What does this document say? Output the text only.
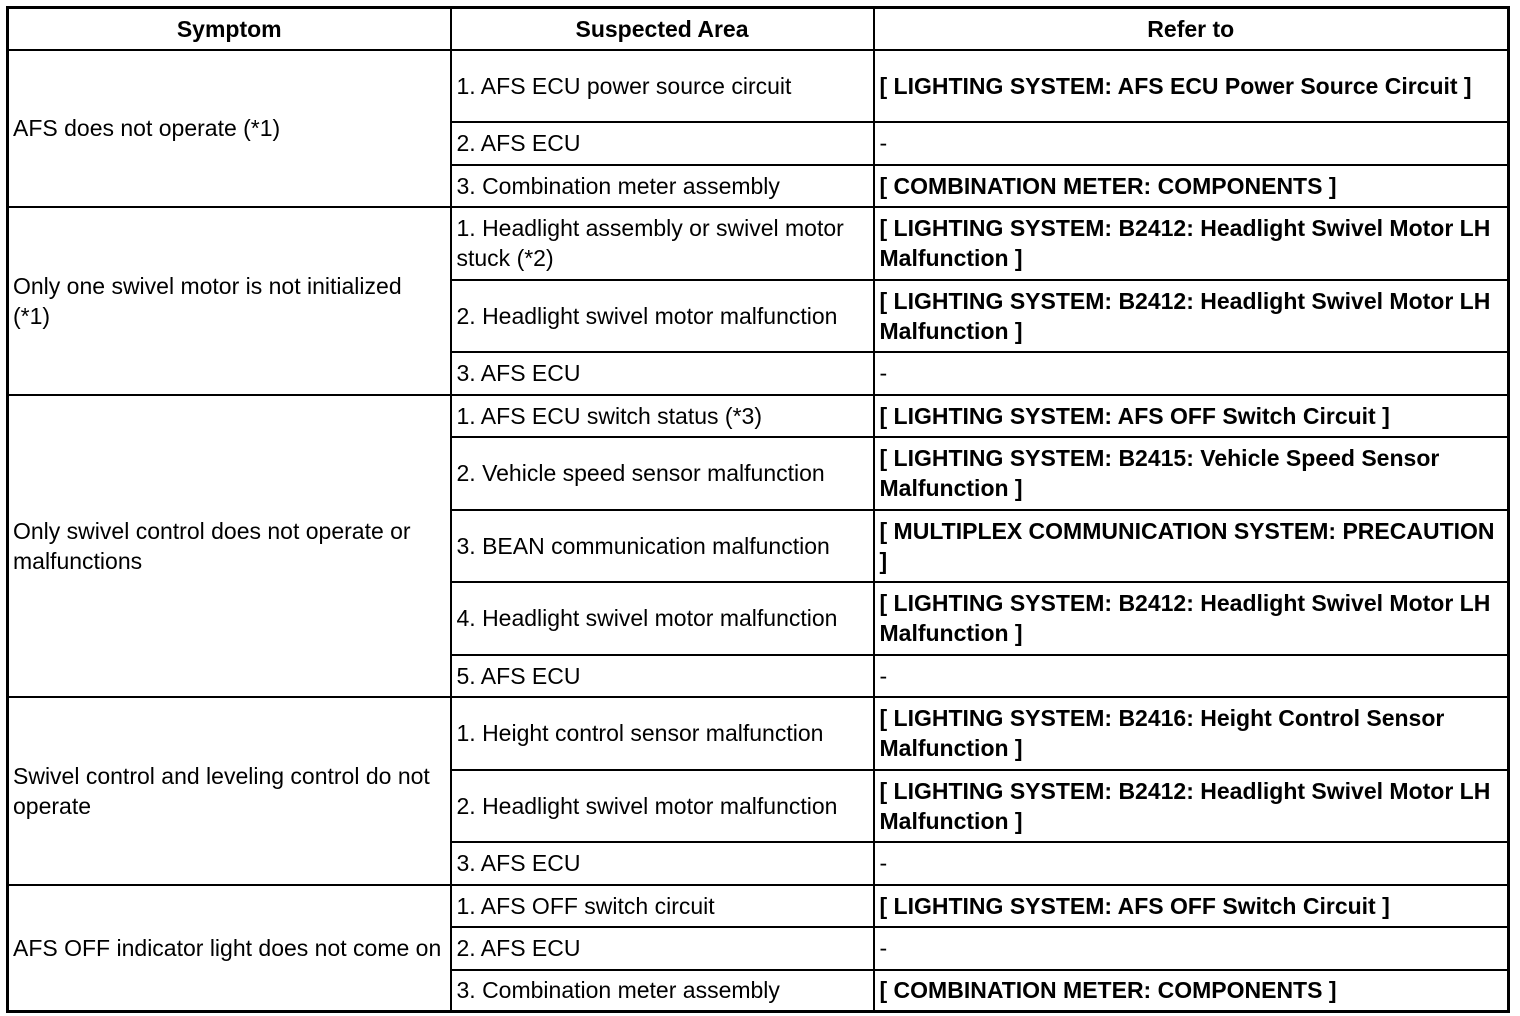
Symptom	Suspected Area	Refer to
AFS does not operate (*1)	1. AFS ECU power source circuit	[ LIGHTING SYSTEM: AFS ECU Power Source Circuit ]
	2. AFS ECU	-
	3. Combination meter assembly	[ COMBINATION METER: COMPONENTS ]
Only one swivel motor is not initialized (*1)	1. Headlight assembly or swivel motor stuck (*2)	[ LIGHTING SYSTEM: B2412: Headlight Swivel Motor LH Malfunction ]
	2. Headlight swivel motor malfunction	[ LIGHTING SYSTEM: B2412: Headlight Swivel Motor LH Malfunction ]
	3. AFS ECU	-
Only swivel control does not operate or malfunctions	1. AFS ECU switch status (*3)	[ LIGHTING SYSTEM: AFS OFF Switch Circuit ]
	2. Vehicle speed sensor malfunction	[ LIGHTING SYSTEM: B2415: Vehicle Speed Sensor Malfunction ]
	3. BEAN communication malfunction	[ MULTIPLEX COMMUNICATION SYSTEM: PRECAUTION ]
	4. Headlight swivel motor malfunction	[ LIGHTING SYSTEM: B2412: Headlight Swivel Motor LH Malfunction ]
	5. AFS ECU	-
Swivel control and leveling control do not operate	1. Height control sensor malfunction	[ LIGHTING SYSTEM: B2416: Height Control Sensor Malfunction ]
	2. Headlight swivel motor malfunction	[ LIGHTING SYSTEM: B2412: Headlight Swivel Motor LH Malfunction ]
	3. AFS ECU	-
AFS OFF indicator light does not come on	1. AFS OFF switch circuit	[ LIGHTING SYSTEM: AFS OFF Switch Circuit ]
	2. AFS ECU	-
	3. Combination meter assembly	[ COMBINATION METER: COMPONENTS ]
